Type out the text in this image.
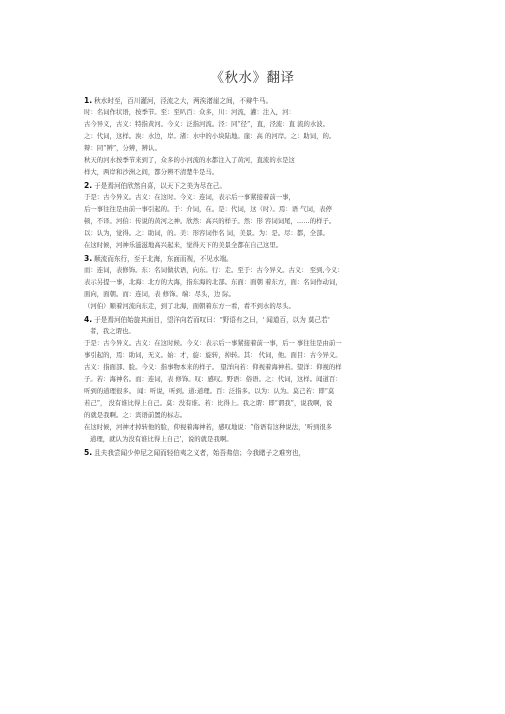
《秋水》翻译
1. 秋水时至，百川灌河，泾流之大，两涘渚崖之间，不辩牛马。
时：名词作状语，按季节。至：至叭百：众多，川：河流，灌：注入，河：
古今异义，古义：特指黄河。今义：泛指河流。泾：同“径”，直，泾流：直 流的水波。
之：代词，这样。涘：水边，岸。渚：水中的小块陆地。崖：高 的河岸。之：助词，的。
辩：同“辨”，分辨，辨认。
秋天的河水按季节来到了，众多的小河流的水都注入了黄河，直流的水是这
样大，两岸和沙洲之间，都分辨不清楚牛是马。
2. 于是焉河伯欣然自喜，以天下之美为尽在己。
于是：古今异义。古义：在这时。今义：连词，表示后一事紧接着前一事，
后一事往往是由前一事引起的。于：介词，在。是：代词，这（时）。焉：语 气词，表停
顿，不译。河伯：传说的黄河之神。欣然：高兴的样子。然：形 容词词尾，……的样子。
以：认为，觉得。之：助词，的。美：形容词作名 词，美景。为：是。尽：都，全部。
在这时候，河神乐滋滋地高兴起来，觉得天下的美景全都在自己这里。
3. 顺流而东行，至于北海，东面而视，不见水端。
而：连词，表修饰。东：名词做状语，向东。行：走。至于：古今异义。古义： 至到,今义：
表示另提一事，北海：北方的大海，指东海的北部。东面：面朝 着东方，面：名词作动词，
面向，面朝。而：连词，表 修饰。端：尽头，边 际。
（河伯）顺着河流向东走，到了北海，面朝着东方一看，看不到水的尽头。
4. 于是焉河伯始旋其面目，望洋向若而叹曰：“野语有之曰，' 闻道百，以为 莫己若’
者，我之谓也。
于是：古今异义。古义：在这时候。今义：表示后一事紧接着前一事，后一 事往往是由前一
事引起的，焉：助词，无义。始：才，旋：旋转，掉转。其： 代词，他。面目：古今异义。
古义：指面部、脸。今义：指事物本来的样子。 望洋向若：仰视着海神若。望洋：仰视的样
子。若：海神名。而：连词，表 修饰。叹：感叹。野语：俗语。之：代词，这样。闻道百：
听到的道理很多。 闻：听说，听到。道:道理。百：泛指多。以为：认为。莫己若：即“莫
若己”， 没有谁比得上自己。莫：没有谁。若：比得上。我之谓：即“谓我”，说我啊，说
的就是我啊。之：宾语前置的标志。
在这时候，河神才掉转他的脸，仰视着海神若，感叹地说：“俗语有这种说法，‘听到很多
道理，就认为没有谁比得上自己’，说的就是我啊。
5. 且夫我尝闻少仲尼之闻而轻伯夷之义者，始吾弗信；今我睹子之难穷也，
